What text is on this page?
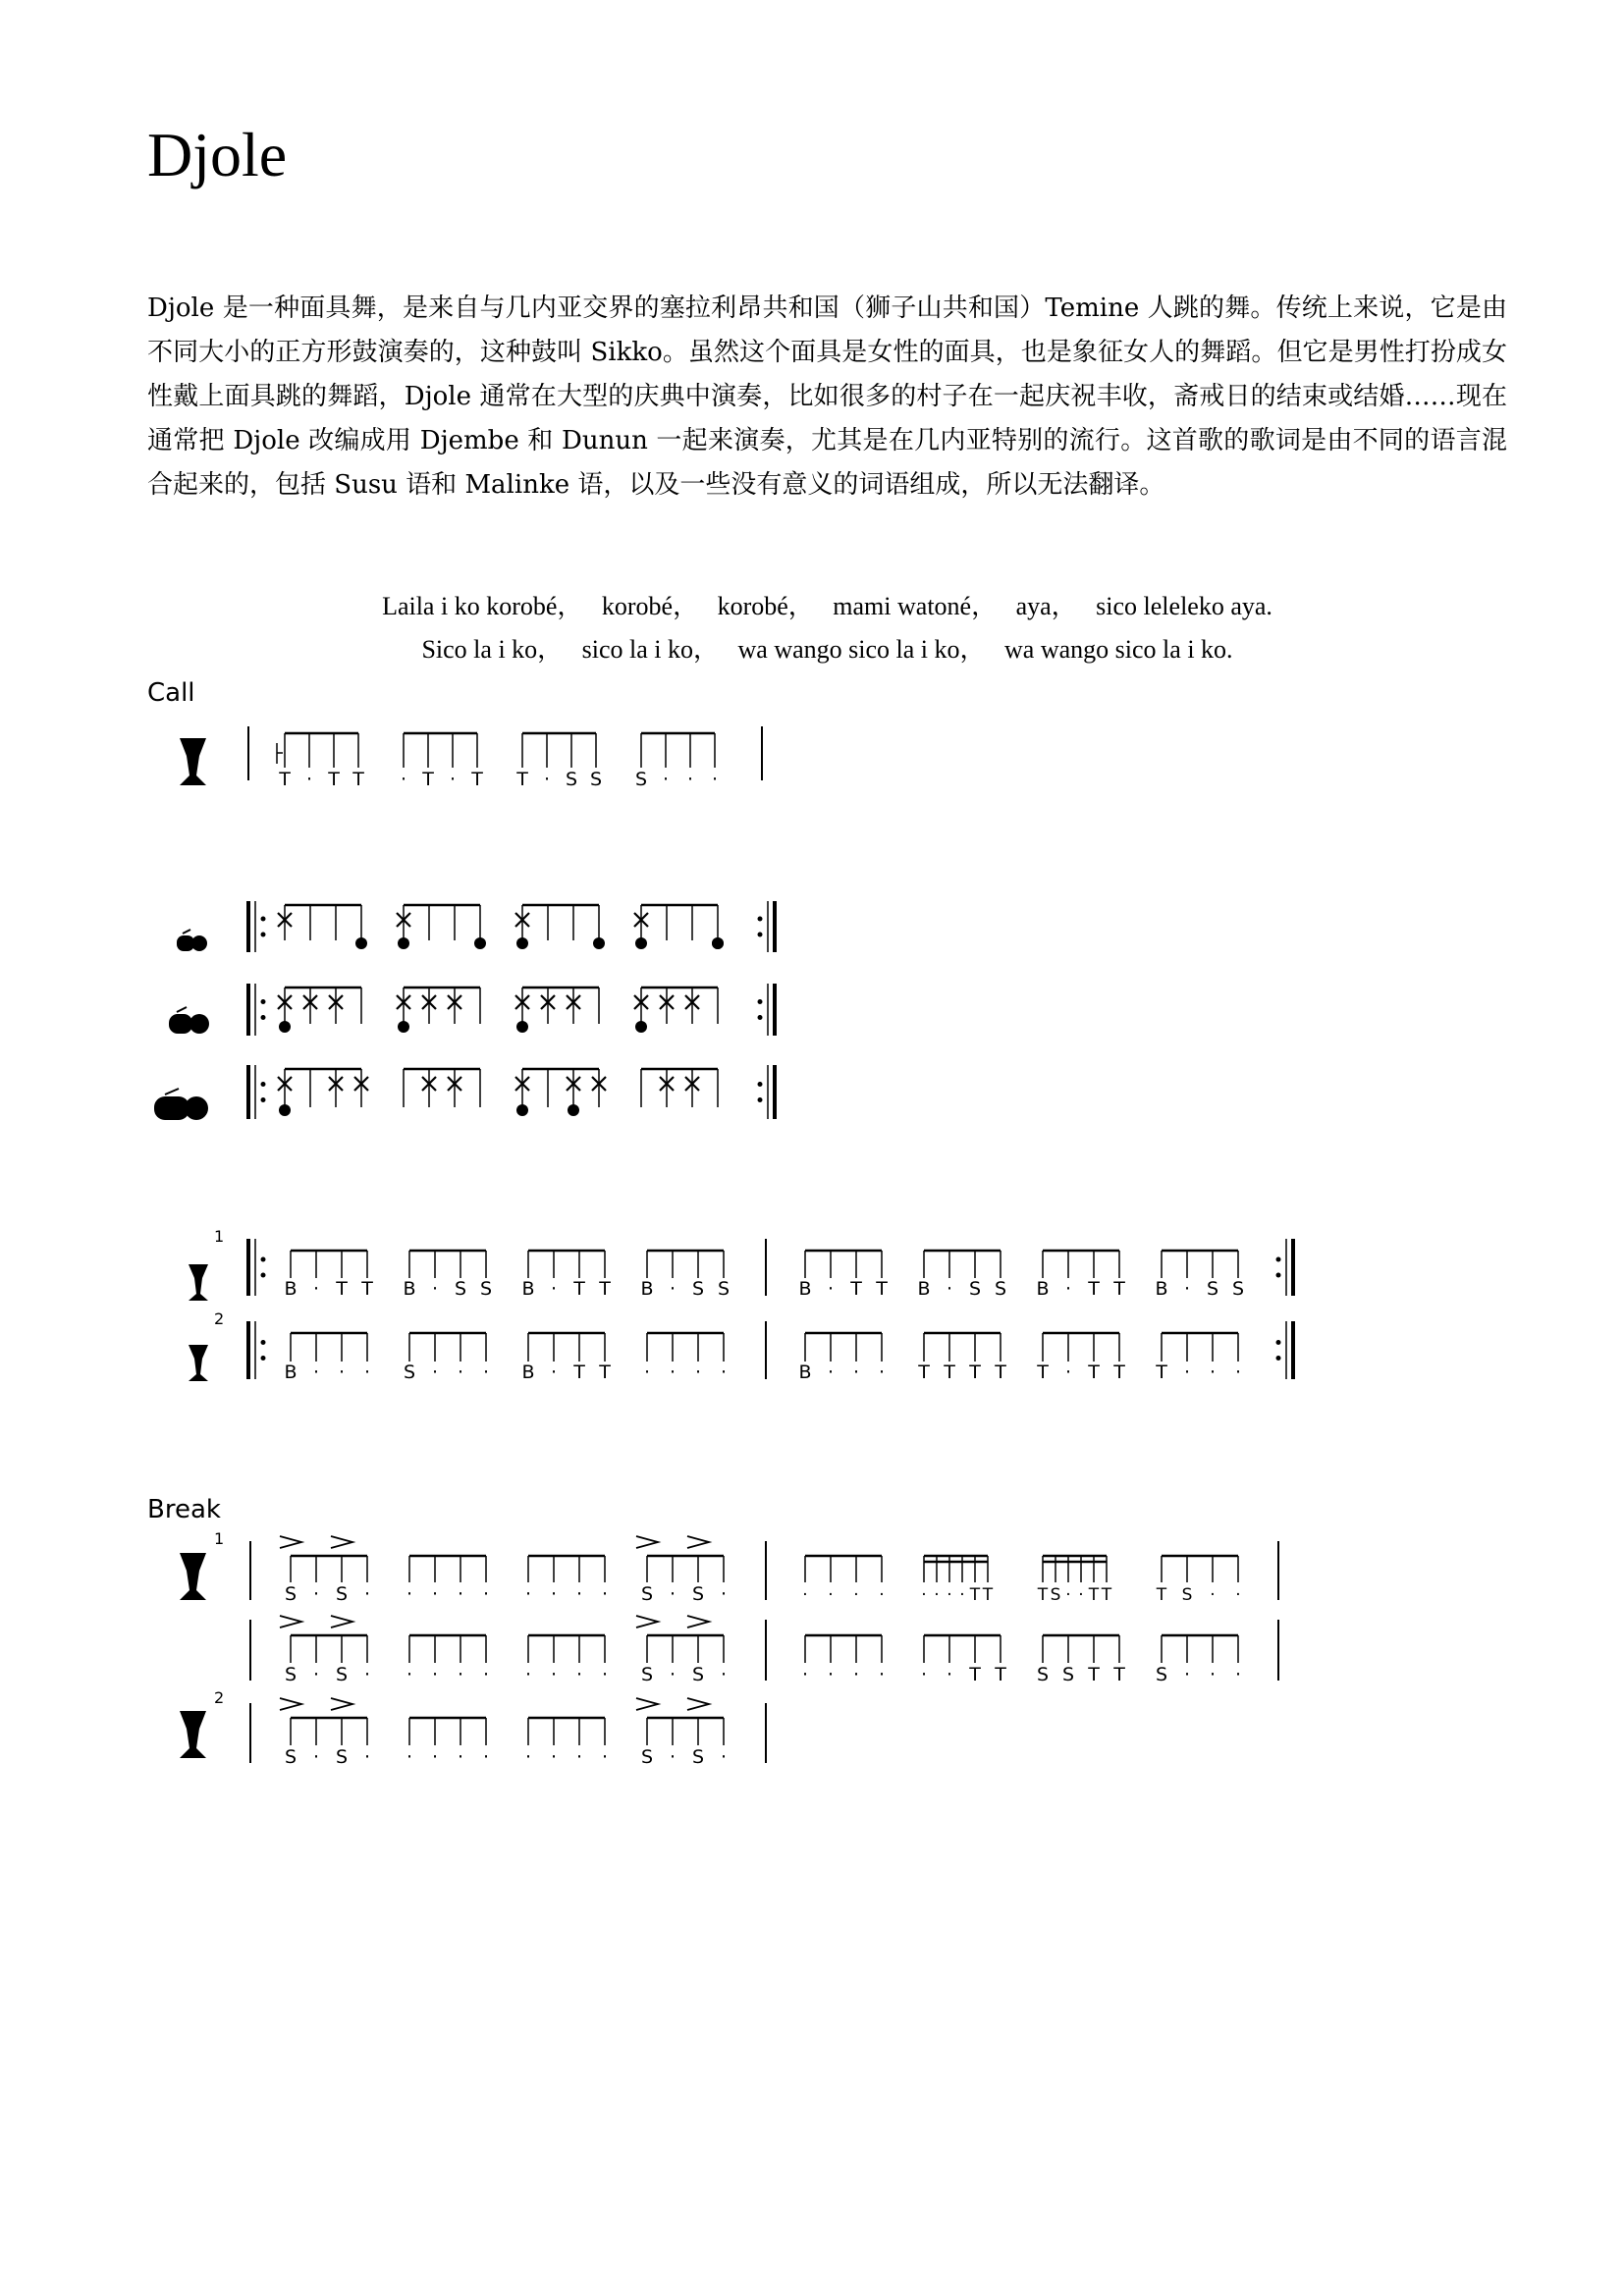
Djole
Djole 是一种面具舞，是来自与几内亚交界的塞拉利昂共和国（狮子山共和国）Temine 人跳的舞。传统上来说，它是由不同大小的正方形鼓演奏的，这种鼓叫 Sikko。虽然这个面具是女性的面具，也是象征女人的舞蹈。但它是男性打扮成女性戴上面具跳的舞蹈，Djole 通常在大型的庆典中演奏，比如很多的村子在一起庆祝丰收，斋戒日的结束或结婚……现在通常把 Djole 改编成用 Djembe 和 Dunun 一起来演奏，尤其是在几内亚特别的流行。这首歌的歌词是由不同的语言混合起来的，包括 Susu 语和 Malinke 语，以及一些没有意义的词语组成，所以无法翻译。
Laila i ko korobé，   korobé，   korobé，   mami watoné，   aya，   sico leleleko aya.
Sico la i ko，   sico la i ko，   wa wango sico la i ko，   wa wango sico la i ko.
Call
Break
1
2
1
2
T · T T · T · T T · S S S · · ·
B · T T B · S S B · T T B · S S	B · T T B · S S B · T T B · S S
B · · · S · · · B · T T · · · ·	B · · · T T T T T · T T T · · ·
S · S · · · · · · · · · S · S ·	· · · · · · · · T T	T S · · T T	T S · ·
S · S · · · · · · · · · S · S ·	· · · · · · T T S S T T S · · ·
S · S · · · · · · · · · S · S ·
